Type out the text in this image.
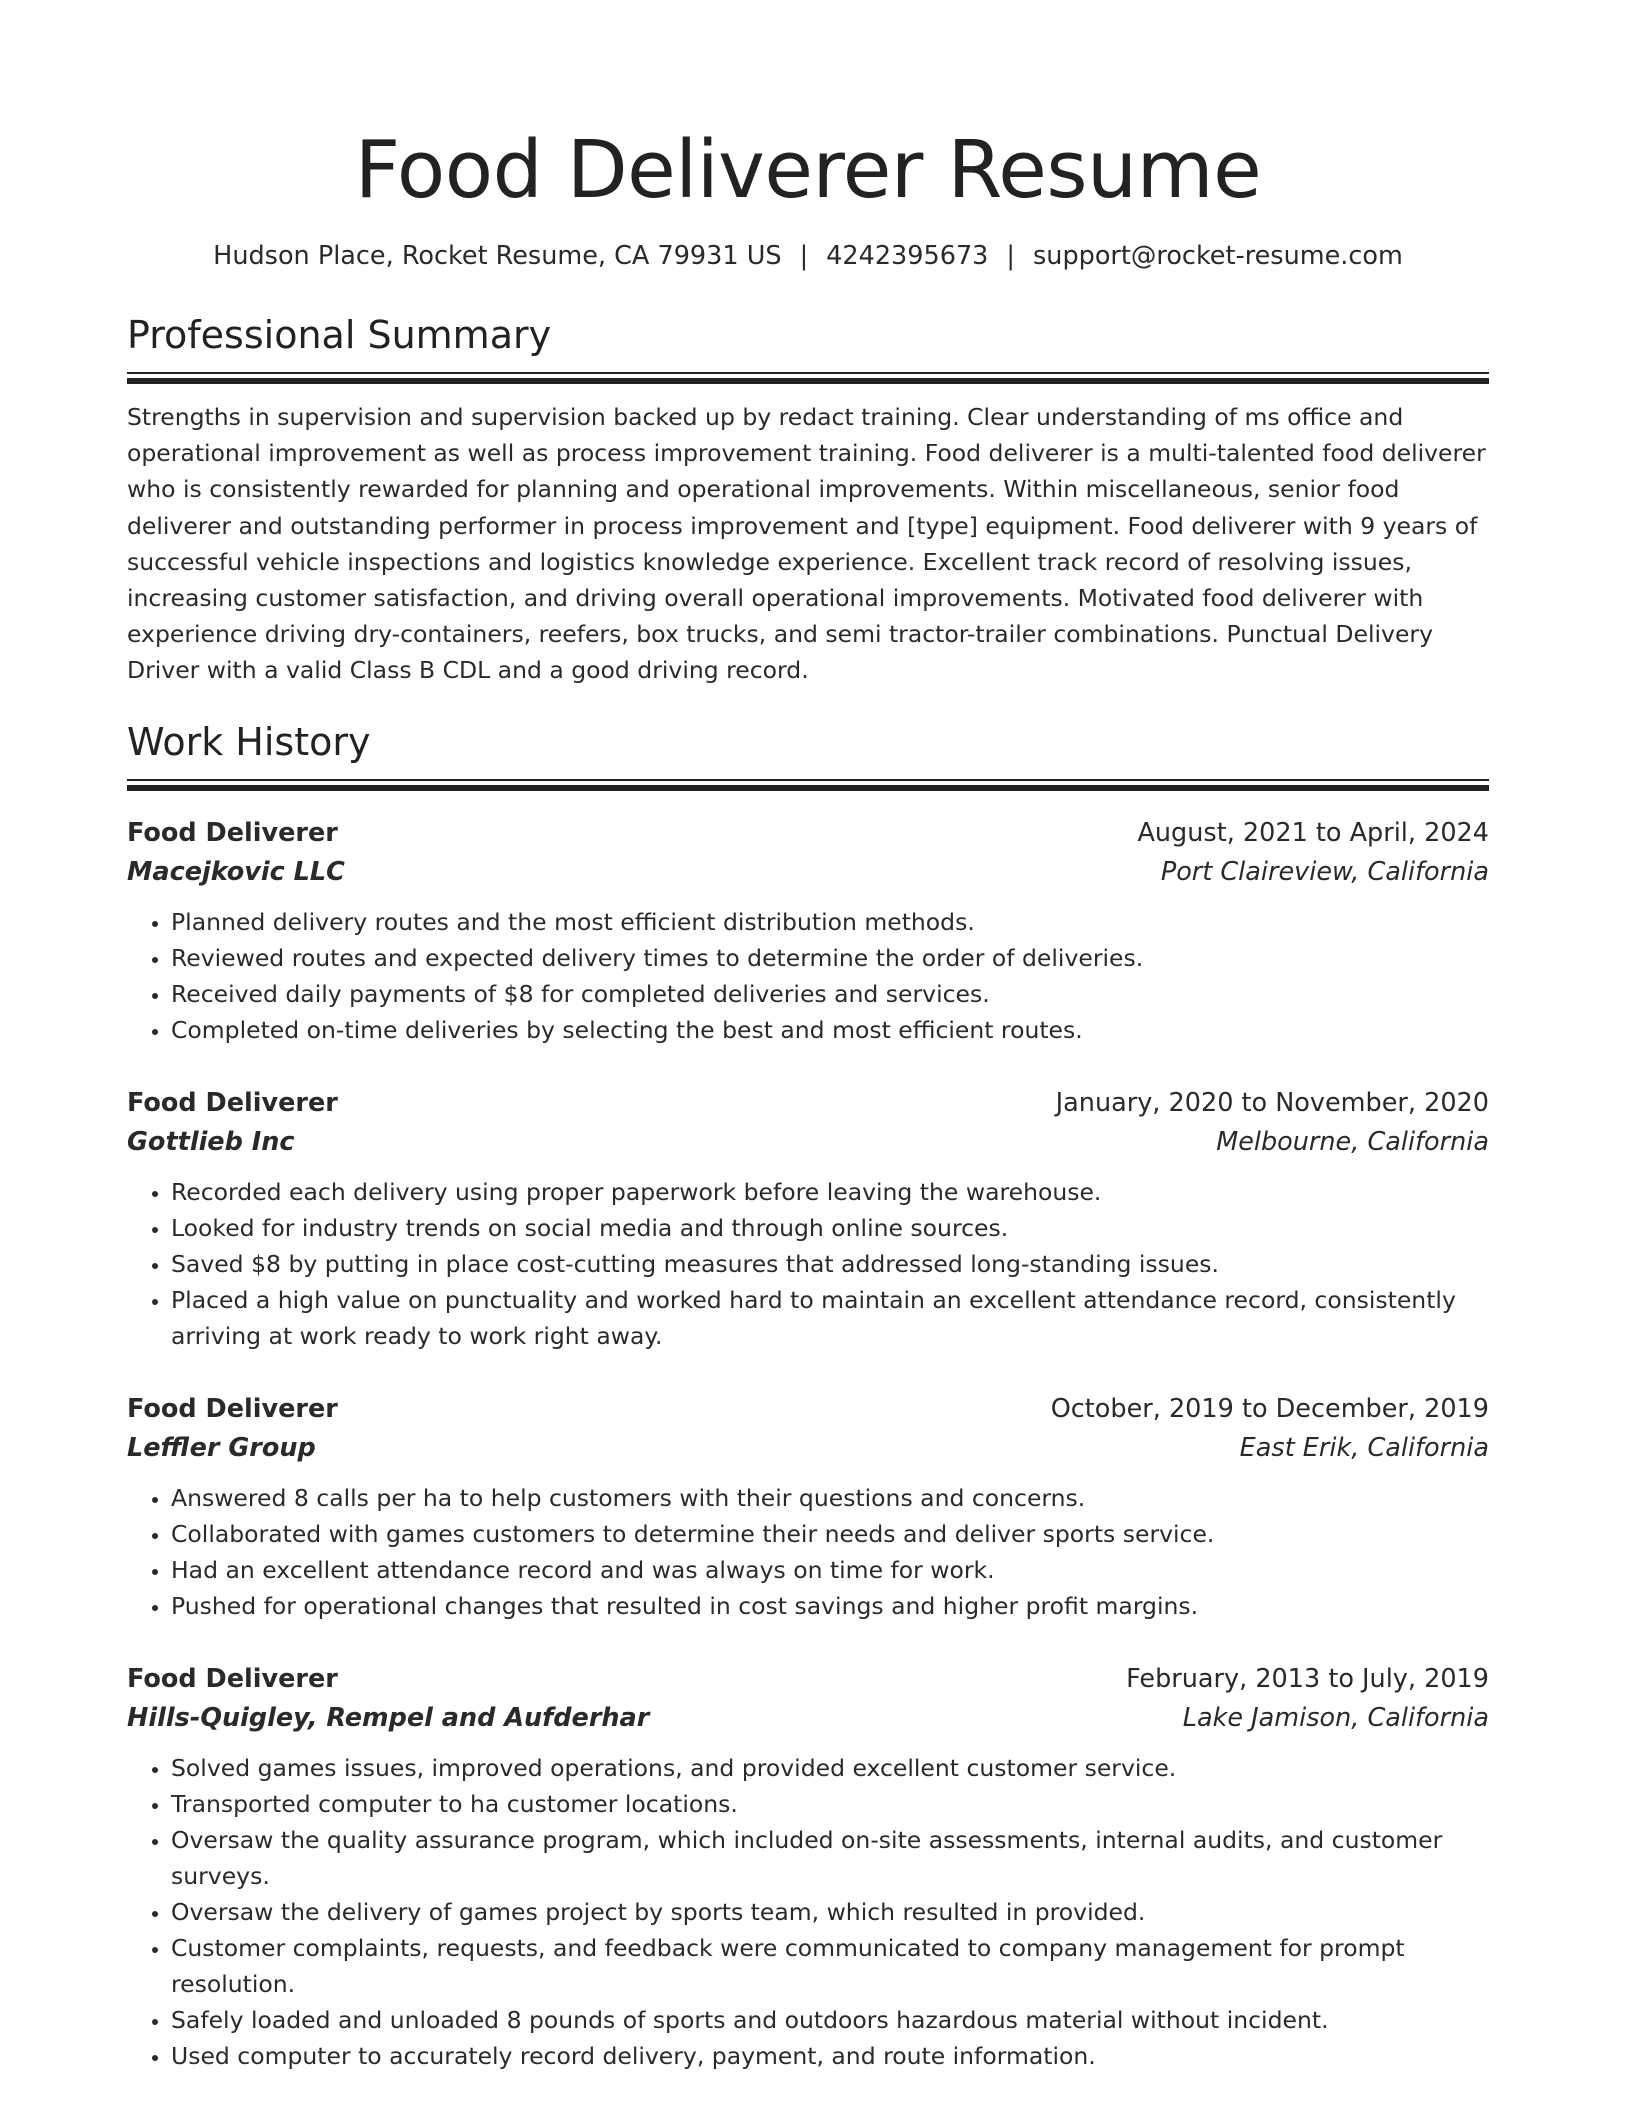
Food Deliverer Resume
Hudson Place, Rocket Resume, CA 79931 US | 4242395673 | support@rocket-resume.com
Professional Summary
Strengths in supervision and supervision backed up by redact training. Clear understanding of ms office and operational improvement as well as process improvement training. Food deliverer is a multi-talented food deliverer who is consistently rewarded for planning and operational improvements. Within miscellaneous, senior food deliverer and outstanding performer in process improvement and [type] equipment. Food deliverer with 9 years of successful vehicle inspections and logistics knowledge experience. Excellent track record of resolving issues, increasing customer satisfaction, and driving overall operational improvements. Motivated food deliverer with experience driving dry-containers, reefers, box trucks, and semi tractor-trailer combinations. Punctual Delivery Driver with a valid Class B CDL and a good driving record.
Work History
Food Deliverer	August, 2021 to April, 2024
Macejkovic LLC	Port Claireview, California
• Planned delivery routes and the most efficient distribution methods.
• Reviewed routes and expected delivery times to determine the order of deliveries.
• Received daily payments of $8 for completed deliveries and services.
• Completed on-time deliveries by selecting the best and most efficient routes.
Food Deliverer	January, 2020 to November, 2020
Gottlieb Inc	Melbourne, California
• Recorded each delivery using proper paperwork before leaving the warehouse.
• Looked for industry trends on social media and through online sources.
• Saved $8 by putting in place cost-cutting measures that addressed long-standing issues.
• Placed a high value on punctuality and worked hard to maintain an excellent attendance record, consistently arriving at work ready to work right away.
Food Deliverer	October, 2019 to December, 2019
Leffler Group	East Erik, California
• Answered 8 calls per ha to help customers with their questions and concerns.
• Collaborated with games customers to determine their needs and deliver sports service.
• Had an excellent attendance record and was always on time for work.
• Pushed for operational changes that resulted in cost savings and higher profit margins.
Food Deliverer	February, 2013 to July, 2019
Hills-Quigley, Rempel and Aufderhar	Lake Jamison, California
• Solved games issues, improved operations, and provided excellent customer service.
• Transported computer to ha customer locations.
• Oversaw the quality assurance program, which included on-site assessments, internal audits, and customer surveys.
• Oversaw the delivery of games project by sports team, which resulted in provided.
• Customer complaints, requests, and feedback were communicated to company management for prompt resolution.
• Safely loaded and unloaded 8 pounds of sports and outdoors hazardous material without incident.
• Used computer to accurately record delivery, payment, and route information.
